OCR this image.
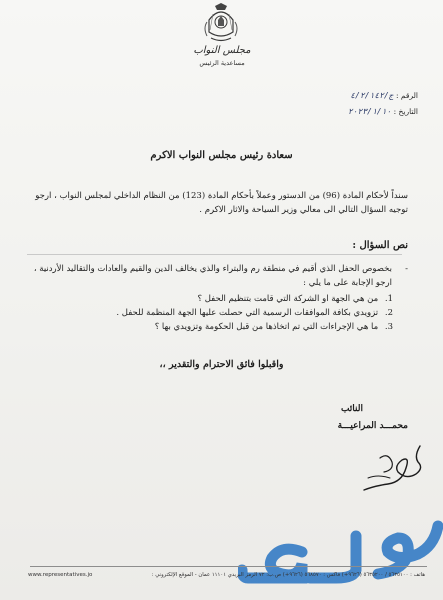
مجلس النواب
مساعدية الرئيس
الرقم : ج/٤/٢/١٤٢
التاريخ : ٢٠٢٣/١/١٠
سعادة رئيس مجلس النواب الاكرم
سنداً لأحكام المادة (96) من الدستور وعملاً بأحكام المادة (123) من النظام الداخلي لمجلس النواب ، ارجو توجيه السؤال التالي الى معالي وزير السياحة والاثار الاكرم .
نص السؤال :
-
بخصوص الحفل الذي أقيم في منطقة رم والبتراء والذي يخالف الدين والقيم والعادات والتقاليد الأردنية ، ارجو الإجابة على ما يلي :
1. من هي الجهة او الشركة التي قامت بتنظيم الحفل ؟
2. تزويدي بكافة الموافقات الرسمية التي حصلت عليها الجهة المنظمة للحفل .
3. ما هي الإجراءات التي تم اتخاذها من قبل الحكومة وتزويدي بها ؟
واقبلوا فائق الاحترام والتقدير ،،
النائب
محمـــد المراعيـــة
هاتف : ٥٦٣٥١٠٠ / ٥٦٣٥٢٠٠ (٩٦٢٦+) فاكس : ٥٦٨٥٧٠ (٩٦٢٦+) ص.ب: ٧٢ الرمز البريدي ١١١٠١ عمان - الموقع الإلكتروني :
www.representatives.jo
